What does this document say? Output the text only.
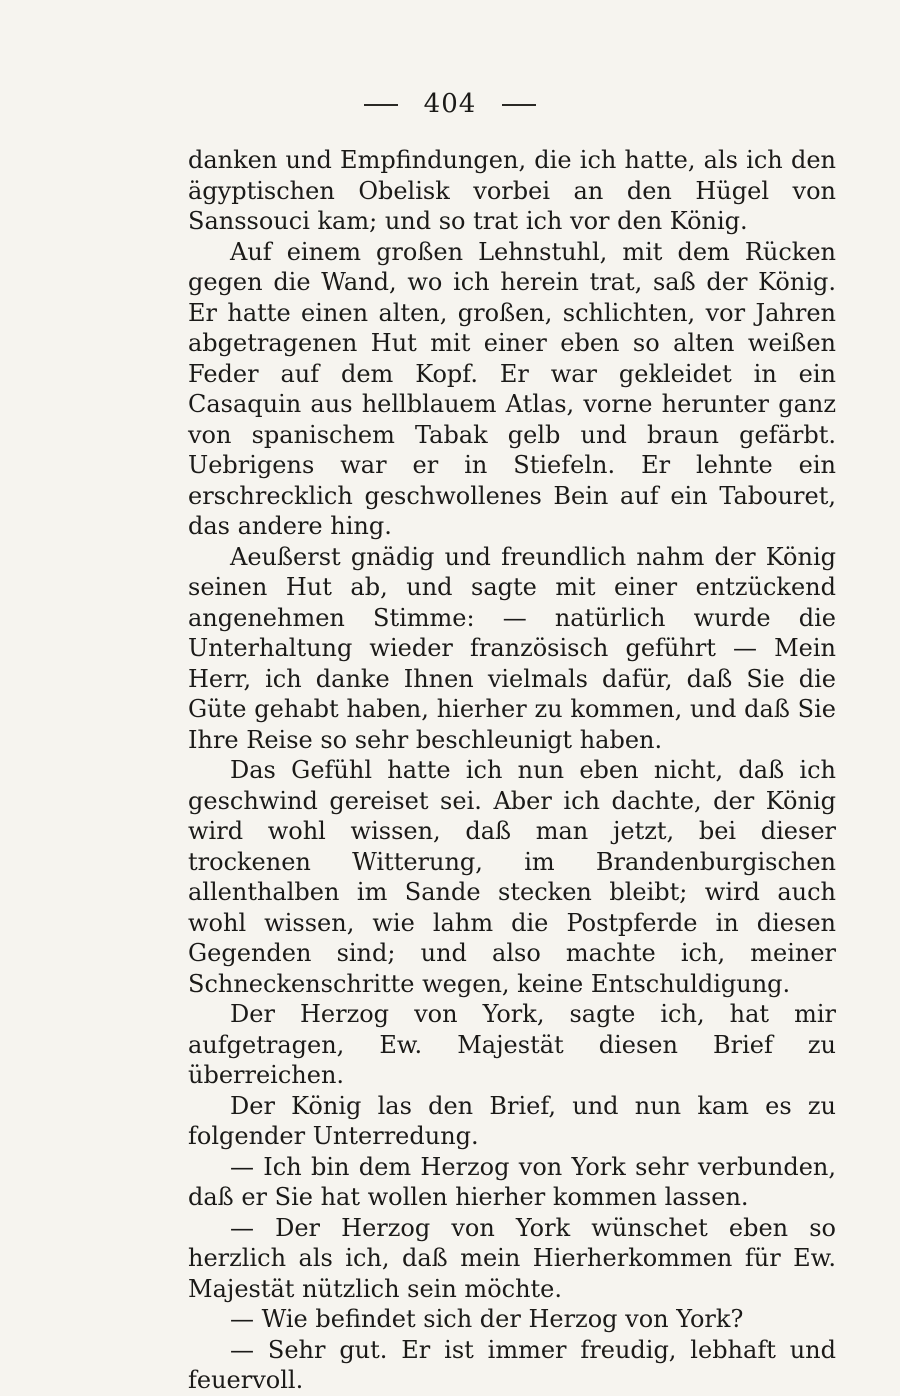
404

danken und Empfindungen, die ich hatte, als ich den ägyptischen Obelisk vorbei an den Hügel von Sanssouci kam; und so trat ich vor den König.

Auf einem großen Lehnstuhl, mit dem Rücken gegen die Wand, wo ich herein trat, saß der König. Er hatte einen alten, großen, schlichten, vor Jahren abgetragenen Hut mit einer eben so alten weißen Feder auf dem Kopf. Er war gekleidet in ein Casaquin aus hellblauem Atlas, vorne herunter ganz von spanischem Tabak gelb und braun gefärbt. Uebrigens war er in Stiefeln. Er lehnte ein erschrecklich geschwollenes Bein auf ein Tabouret, das andere hing.

Aeußerst gnädig und freundlich nahm der König seinen Hut ab, und sagte mit einer entzückend angenehmen Stimme: — natürlich wurde die Unterhaltung wieder französisch geführt — Mein Herr, ich danke Ihnen vielmals dafür, daß Sie die Güte gehabt haben, hierher zu kommen, und daß Sie Ihre Reise so sehr beschleunigt haben.

Das Gefühl hatte ich nun eben nicht, daß ich geschwind gereiset sei. Aber ich dachte, der König wird wohl wissen, daß man jetzt, bei dieser trockenen Witterung, im Brandenburgischen allenthalben im Sande stecken bleibt; wird auch wohl wissen, wie lahm die Postpferde in diesen Gegenden sind; und also machte ich, meiner Schneckenschritte wegen, keine Entschuldigung.

Der Herzog von York, sagte ich, hat mir aufgetragen, Ew. Majestät diesen Brief zu überreichen.

Der König las den Brief, und nun kam es zu folgender Unterredung.

— Ich bin dem Herzog von York sehr verbunden, daß er Sie hat wollen hierher kommen lassen.

— Der Herzog von York wünschet eben so herzlich als ich, daß mein Hierherkommen für Ew. Majestät nützlich sein möchte.

— Wie befindet sich der Herzog von York?

— Sehr gut. Er ist immer freudig, lebhaft und feuervoll.
